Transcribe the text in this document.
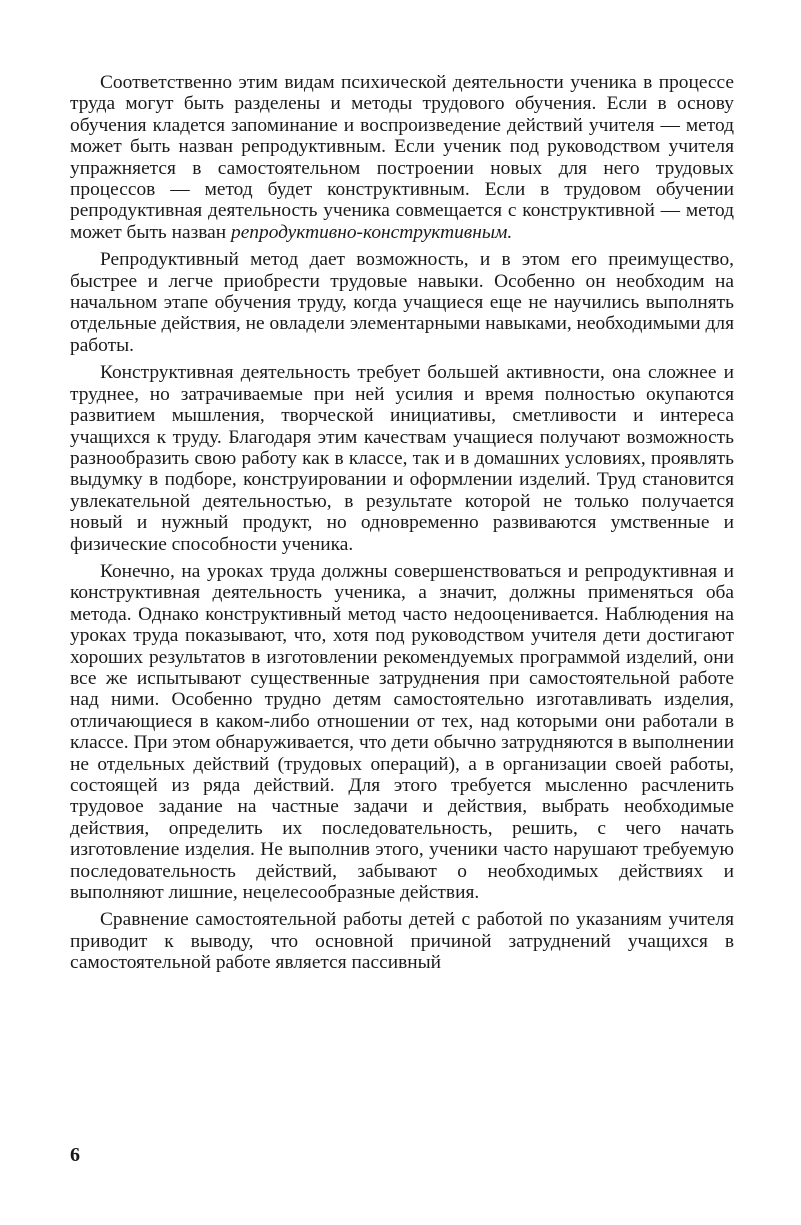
Соответственно этим видам психической деятельности ученика в процессе труда могут быть разделены и методы трудового обучения. Если в основу обучения кладется запоминание и воспроизведение действий учителя — метод может быть назван репродуктивным. Если ученик под руководством учителя упражняется в самостоятельном построении новых для него трудовых процессов — метод будет конструктивным. Если в трудовом обучении репродуктивная деятельность ученика совмещается с конструктивной — метод может быть назван репродуктивно-конструктивным.

Репродуктивный метод дает возможность, и в этом его преимущество, быстрее и легче приобрести трудовые навыки. Особенно он необходим на начальном этапе обучения труду, когда учащиеся еще не научились выполнять отдельные действия, не овладели элементарными навыками, необходимыми для работы.

Конструктивная деятельность требует большей активности, она сложнее и труднее, но затрачиваемые при ней усилия и время полностью окупаются развитием мышления, творческой инициативы, сметливости и интереса учащихся к труду. Благодаря этим качествам учащиеся получают возможность разнообразить свою работу как в классе, так и в домашних условиях, проявлять выдумку в подборе, конструировании и оформлении изделий. Труд становится увлекательной деятельностью, в результате которой не только получается новый и нужный продукт, но одновременно развиваются умственные и физические способности ученика.

Конечно, на уроках труда должны совершенствоваться и репродуктивная и конструктивная деятельность ученика, а значит, должны применяться оба метода. Однако конструктивный метод часто недооценивается. Наблюдения на уроках труда показывают, что, хотя под руководством учителя дети достигают хороших результатов в изготовлении рекомендуемых программой изделий, они все же испытывают существенные затруднения при самостоятельной работе над ними. Особенно трудно детям самостоятельно изготавливать изделия, отличающиеся в каком-либо отношении от тех, над которыми они работали в классе. При этом обнаруживается, что дети обычно затрудняются в выполнении не отдельных действий (трудовых операций), а в организации своей работы, состоящей из ряда действий. Для этого требуется мысленно расчленить трудовое задание на частные задачи и действия, выбрать необходимые действия, определить их последовательность, решить, с чего начать изготовление изделия. Не выполнив этого, ученики часто нарушают требуемую последовательность действий, забывают о необходимых действиях и выполняют лишние, нецелесообразные действия.

Сравнение самостоятельной работы детей с работой по указаниям учителя приводит к выводу, что основной причиной затруднений учащихся в самостоятельной работе является пассивный

6
